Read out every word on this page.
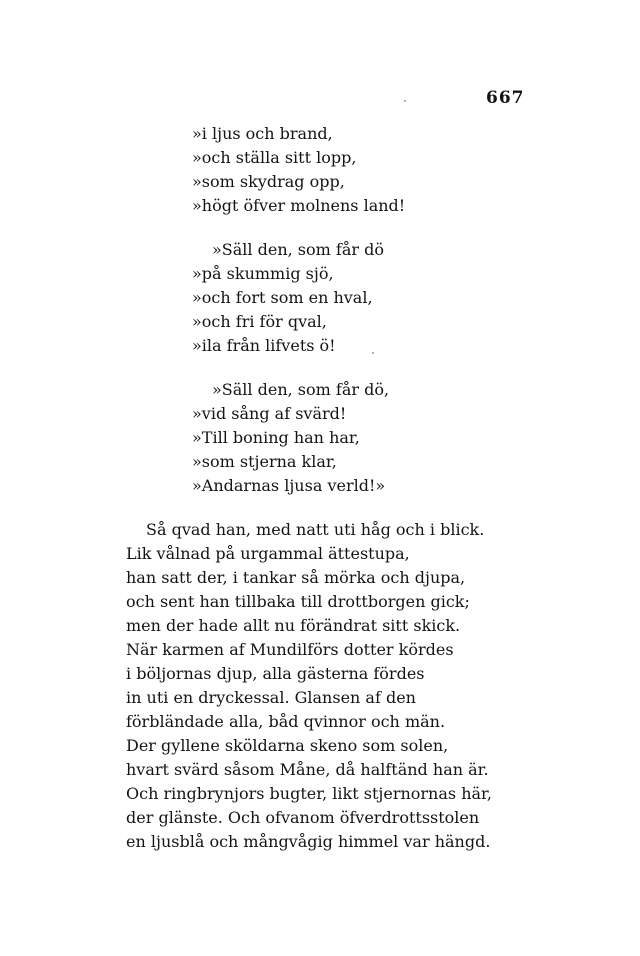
667
»i ljus och brand,
»och ställa sitt lopp,
»som skydrag opp,
»högt öfver molnens land!
»Säll den, som får dö
»på skummig sjö,
»och fort som en hval,
»och fri för qval,
»ila från lifvets ö!
»Säll den, som får dö,
»vid sång af svärd!
»Till boning han har,
»som stjerna klar,
»Andarnas ljusa verld!»
Så qvad han, med natt uti håg och i blick.
Lik vålnad på urgammal ättestupa,
han satt der, i tankar så mörka och djupa,
och sent han tillbaka till drottborgen gick;
men der hade allt nu förändrat sitt skick.
När karmen af Mundilförs dotter kördes
i böljornas djup, alla gästerna fördes
in uti en dryckessal. Glansen af den
förbländade alla, båd qvinnor och män.
Der gyllene sköldarna skeno som solen,
hvart svärd såsom Måne, då halftänd han är.
Och ringbrynjors bugter, likt stjernornas här,
der glänste. Och ofvanom öfverdrottsstolen
en ljusblå och mångvågig himmel var hängd.
